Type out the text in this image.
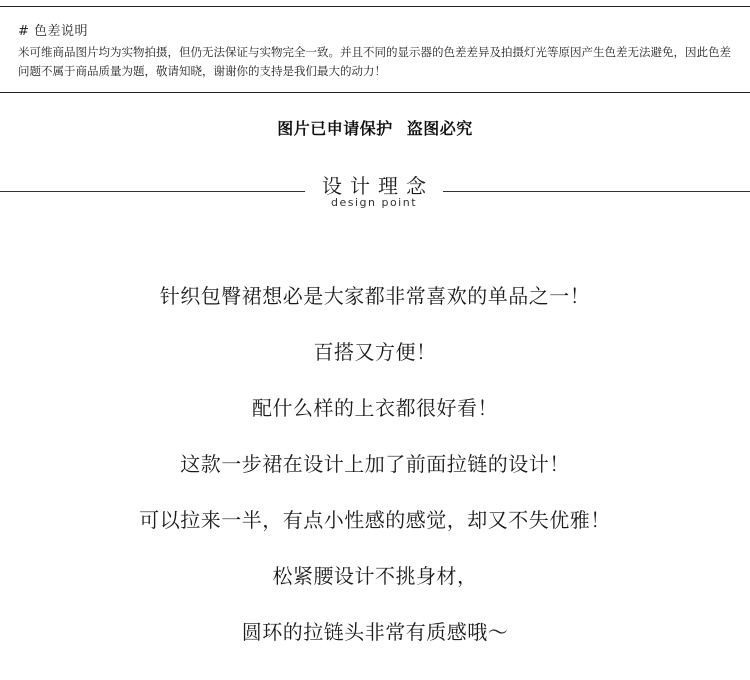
# 色差说明
米可维商品图片均为实物拍摄，但仍无法保证与实物完全一致。并且不同的显示器的色差差异及拍摄灯光等原因产生色差无法避免，因此色差问题不属于商品质量为题，敬请知晓，谢谢你的支持是我们最大的动力！
图片已申请保护 盗图必究
设计理念
design point
针织包臀裙想必是大家都非常喜欢的单品之一！
百搭又方便！
配什么样的上衣都很好看！
这款一步裙在设计上加了前面拉链的设计！
可以拉来一半，有点小性感的感觉，却又不失优雅！
松紧腰设计不挑身材，
圆环的拉链头非常有质感哦～
